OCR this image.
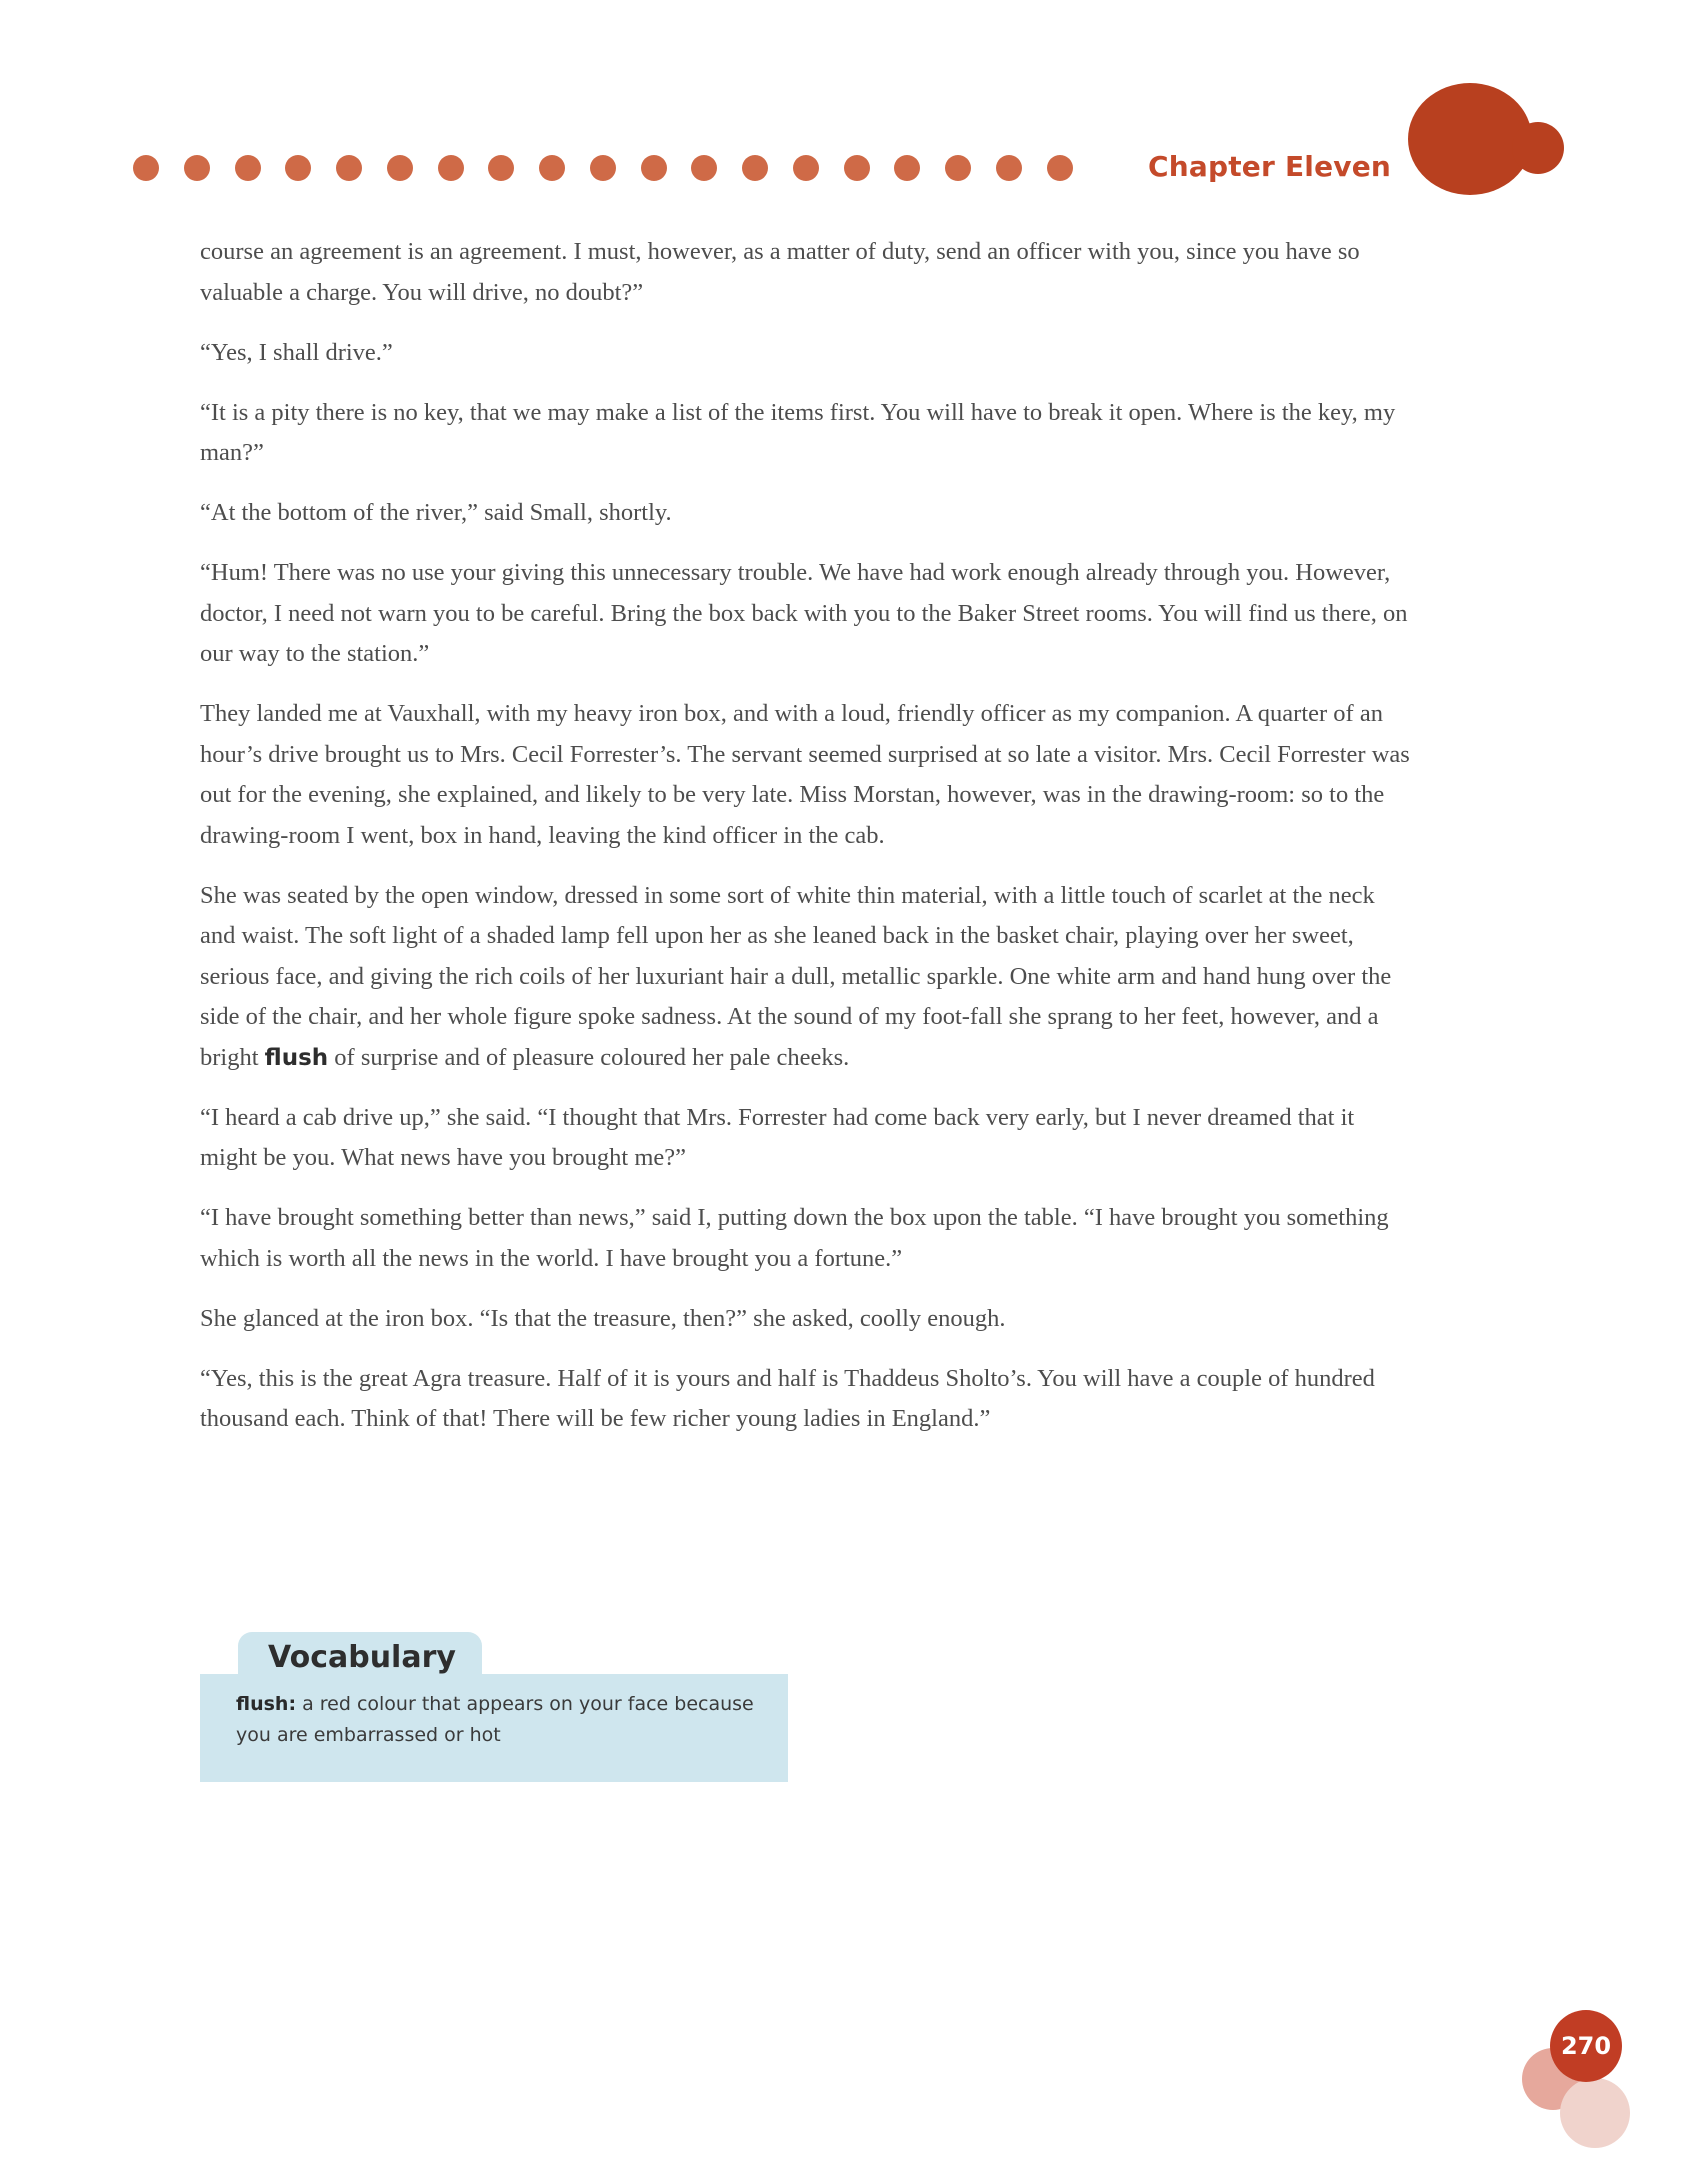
Chapter Eleven

course an agreement is an agreement. I must, however, as a matter of duty, send an officer with you, since you have so valuable a charge. You will drive, no doubt?”

“Yes, I shall drive.”

“It is a pity there is no key, that we may make a list of the items first. You will have to break it open. Where is the key, my man?”

“At the bottom of the river,” said Small, shortly.

“Hum! There was no use your giving this unnecessary trouble. We have had work enough already through you. However, doctor, I need not warn you to be careful. Bring the box back with you to the Baker Street rooms. You will find us there, on our way to the station.”

They landed me at Vauxhall, with my heavy iron box, and with a loud, friendly officer as my companion. A quarter of an hour’s drive brought us to Mrs. Cecil Forrester’s. The servant seemed surprised at so late a visitor. Mrs. Cecil Forrester was out for the evening, she explained, and likely to be very late. Miss Morstan, however, was in the drawing-room: so to the drawing-room I went, box in hand, leaving the kind officer in the cab.

She was seated by the open window, dressed in some sort of white thin material, with a little touch of scarlet at the neck and waist. The soft light of a shaded lamp fell upon her as she leaned back in the basket chair, playing over her sweet, serious face, and giving the rich coils of her luxuriant hair a dull, metallic sparkle. One white arm and hand hung over the side of the chair, and her whole figure spoke sadness. At the sound of my foot-fall she sprang to her feet, however, and a bright flush of surprise and of pleasure coloured her pale cheeks.

“I heard a cab drive up,” she said. “I thought that Mrs. Forrester had come back very early, but I never dreamed that it might be you. What news have you brought me?”

“I have brought something better than news,” said I, putting down the box upon the table. “I have brought you something which is worth all the news in the world. I have brought you a fortune.”

She glanced at the iron box. “Is that the treasure, then?” she asked, coolly enough.

“Yes, this is the great Agra treasure. Half of it is yours and half is Thaddeus Sholto’s. You will have a couple of hundred thousand each. Think of that! There will be few richer young ladies in England.”

Vocabulary
flush: a red colour that appears on your face because you are embarrassed or hot
270
